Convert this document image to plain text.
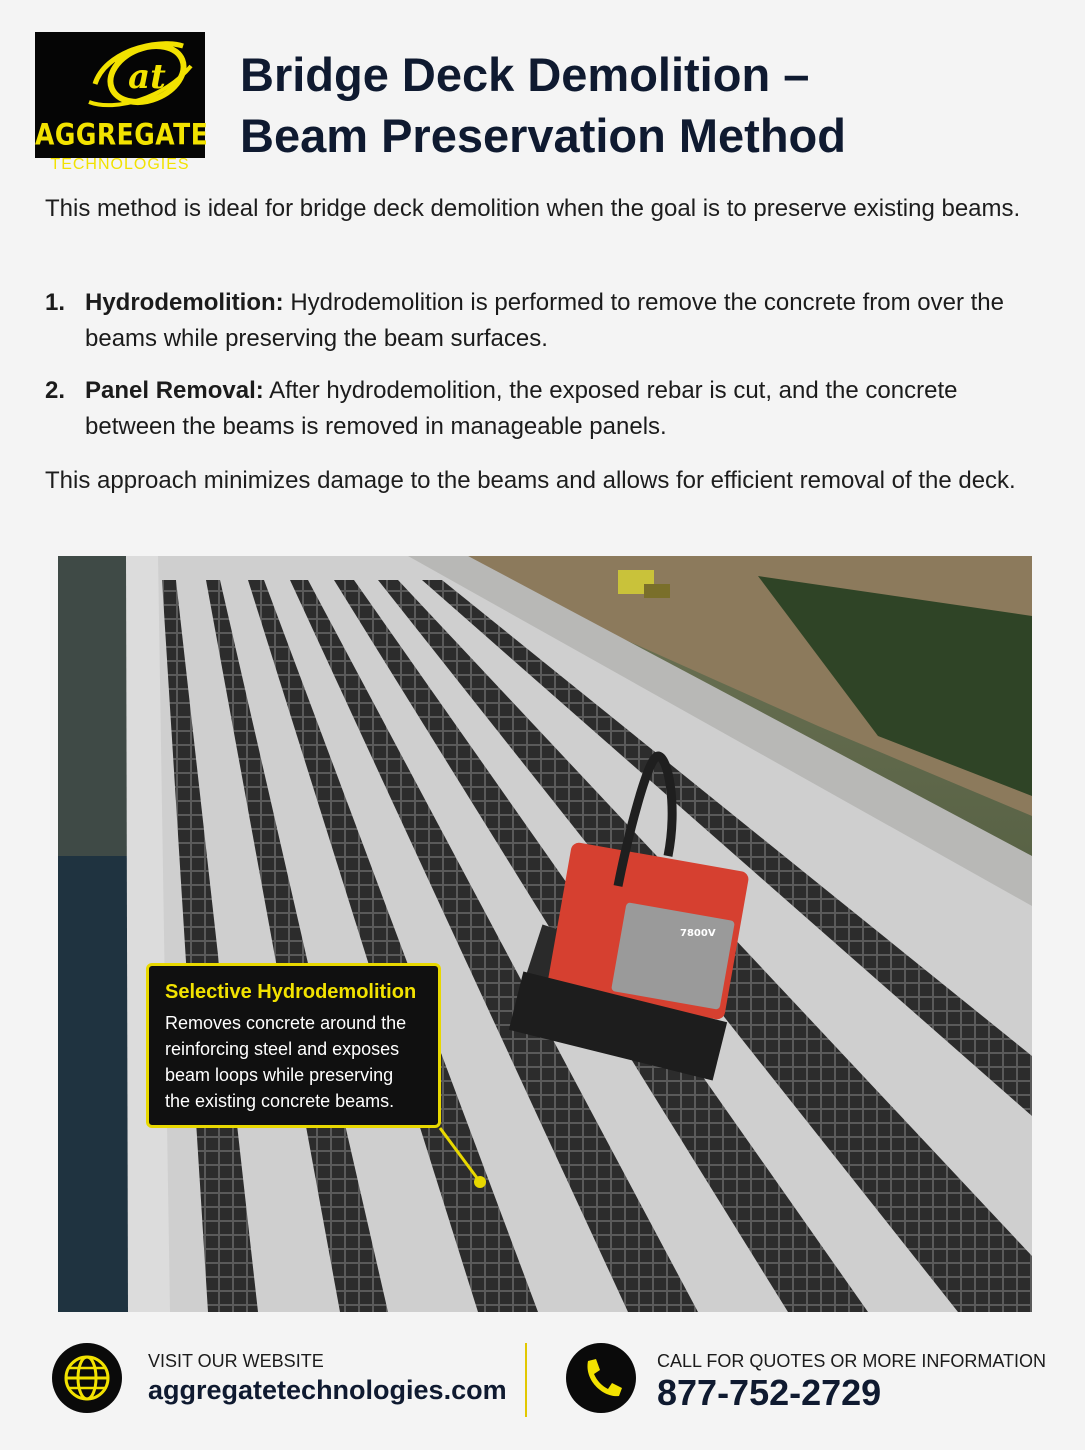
at
AGGREGATE
TECHNOLOGIES
Bridge Deck Demolition –
Beam Preservation Method

This method is ideal for bridge deck demolition when the goal is to preserve existing beams.

1. Hydrodemolition: Hydrodemolition is performed to remove the concrete from over the beams while preserving the beam surfaces.
2. Panel Removal: After hydrodemolition, the exposed rebar is cut, and the concrete between the beams is removed in manageable panels.

This approach minimizes damage to the beams and allows for efficient removal of the deck.

7800V
Selective Hydrodemolition
Removes concrete around the reinforcing steel and exposes beam loops while preserving the existing concrete beams.
VISIT OUR WEBSITE
aggregatetechnologies.com
CALL FOR QUOTES OR MORE INFORMATION
877-752-2729
